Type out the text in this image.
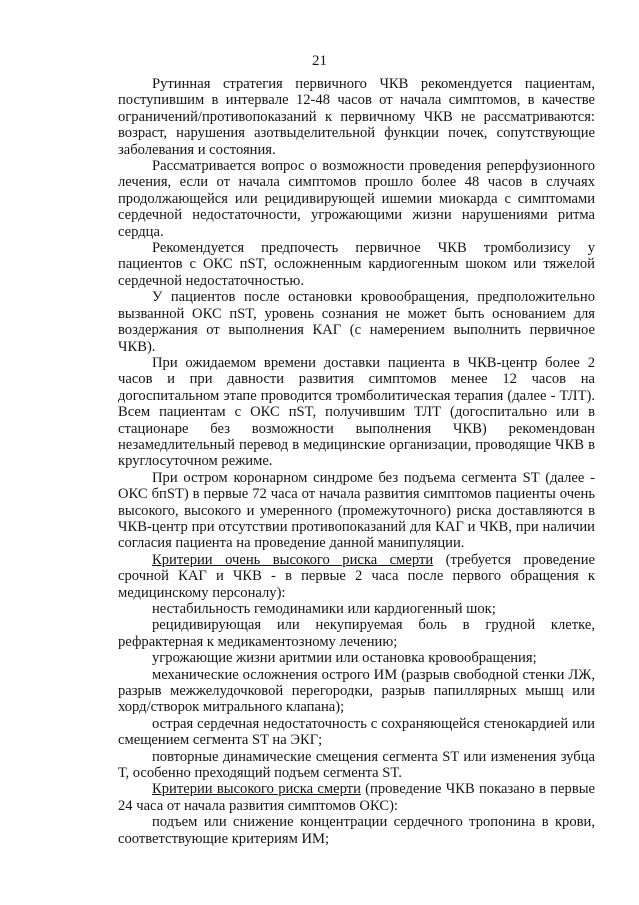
21

Рутинная стратегия первичного ЧКВ рекомендуется пациентам, поступившим в интервале 12-48 часов от начала симптомов, в качестве ограничений/противопоказаний к первичному ЧКВ не рассматриваются: возраст, нарушения азотвыделительной функции почек, сопутствующие заболевания и состояния.

Рассматривается вопрос о возможности проведения реперфузионного лечения, если от начала симптомов прошло более 48 часов в случаях продолжающейся или рецидивирующей ишемии миокарда с симптомами сердечной недостаточности, угрожающими жизни нарушениями ритма сердца.

Рекомендуется предпочесть первичное ЧКВ тромболизису у пациентов с ОКС пST, осложненным кардиогенным шоком или тяжелой сердечной недостаточностью.

У пациентов после остановки кровообращения, предположительно вызванной ОКС пST, уровень сознания не может быть основанием для воздержания от выполнения КАГ (с намерением выполнить первичное ЧКВ).

При ожидаемом времени доставки пациента в ЧКВ-центр более 2 часов и при давности развития симптомов менее 12 часов на догоспитальном этапе проводится тромболитическая терапия (далее - ТЛТ). Всем пациентам с ОКС пST, получившим ТЛТ (догоспитально или в стационаре без возможности выполнения ЧКВ) рекомендован незамедлительный перевод в медицинские организации, проводящие ЧКВ в круглосуточном режиме.

При остром коронарном синдроме без подъема сегмента ST (далее - ОКС бпST) в первые 72 часа от начала развития симптомов пациенты очень высокого, высокого и умеренного (промежуточного) риска доставляются в ЧКВ-центр при отсутствии противопоказаний для КАГ и ЧКВ, при наличии согласия пациента на проведение данной манипуляции.

Критерии очень высокого риска смерти (требуется проведение срочной КАГ и ЧКВ - в первые 2 часа после первого обращения к медицинскому персоналу):

нестабильность гемодинамики или кардиогенный шок;

рецидивирующая или некупируемая боль в грудной клетке, рефрактерная к медикаментозному лечению;

угрожающие жизни аритмии или остановка кровообращения;

механические осложнения острого ИМ (разрыв свободной стенки ЛЖ, разрыв межжелудочковой перегородки, разрыв папиллярных мышц или хорд/створок митрального клапана);

острая сердечная недостаточность с сохраняющейся стенокардией или смещением сегмента ST на ЭКГ;

повторные динамические смещения сегмента ST или изменения зубца Т, особенно преходящий подъем сегмента ST.

Критерии высокого риска смерти (проведение ЧКВ показано в первые 24 часа от начала развития симптомов ОКС):

подъем или снижение концентрации сердечного тропонина в крови, соответствующие критериям ИМ;
